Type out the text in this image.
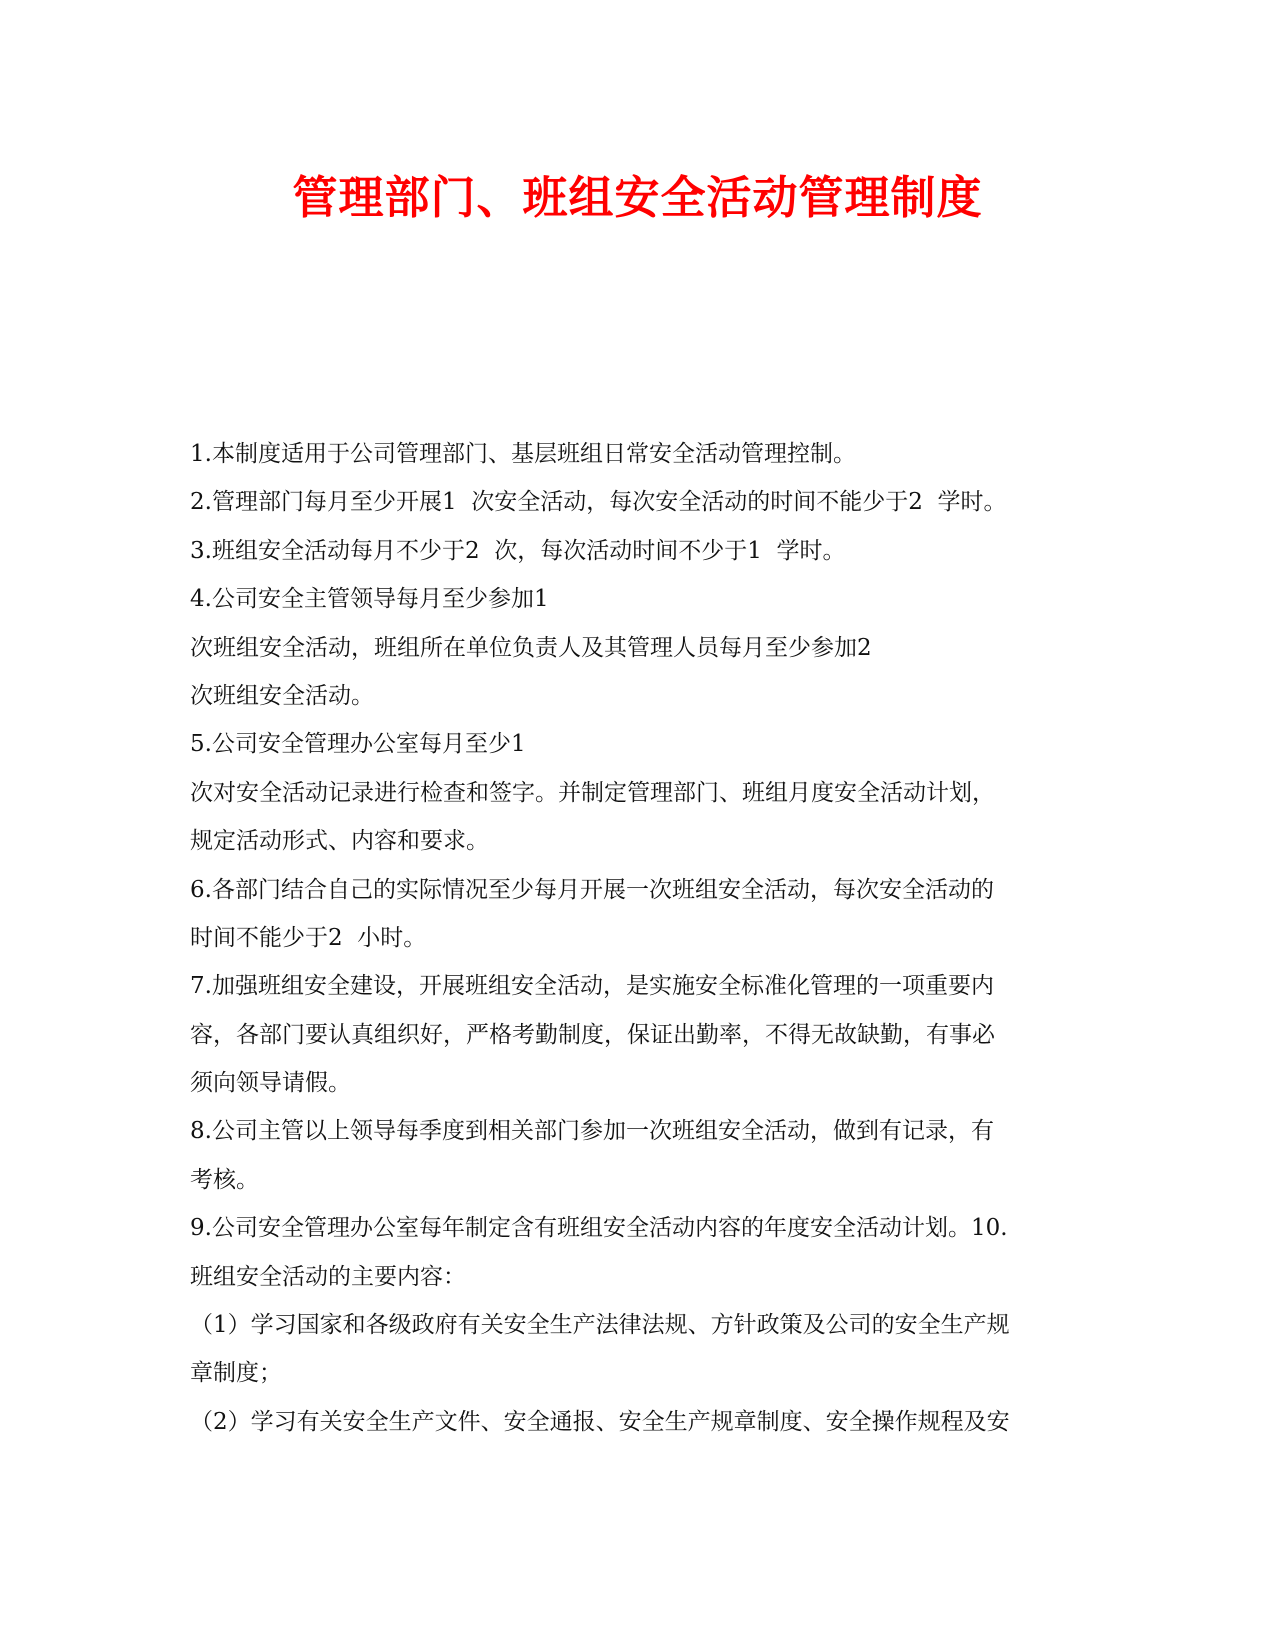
管理部门、班组安全活动管理制度
1.本制度适用于公司管理部门、基层班组日常安全活动管理控制。
2.管理部门每月至少开展1  次安全活动，每次安全活动的时间不能少于2  学时。
3.班组安全活动每月不少于2  次，每次活动时间不少于1  学时。
4.公司安全主管领导每月至少参加1
次班组安全活动，班组所在单位负责人及其管理人员每月至少参加2
次班组安全活动。
5.公司安全管理办公室每月至少1
次对安全活动记录进行检查和签字。并制定管理部门、班组月度安全活动计划，
规定活动形式、内容和要求。
6.各部门结合自己的实际情况至少每月开展一次班组安全活动，每次安全活动的
时间不能少于2  小时。
7.加强班组安全建设，开展班组安全活动，是实施安全标准化管理的一项重要内
容，各部门要认真组织好，严格考勤制度，保证出勤率，不得无故缺勤，有事必
须向领导请假。
8.公司主管以上领导每季度到相关部门参加一次班组安全活动，做到有记录，有
考核。
9.公司安全管理办公室每年制定含有班组安全活动内容的年度安全活动计划。10.
班组安全活动的主要内容：
（1）学习国家和各级政府有关安全生产法律法规、方针政策及公司的安全生产规
章制度；
（2）学习有关安全生产文件、安全通报、安全生产规章制度、安全操作规程及安
